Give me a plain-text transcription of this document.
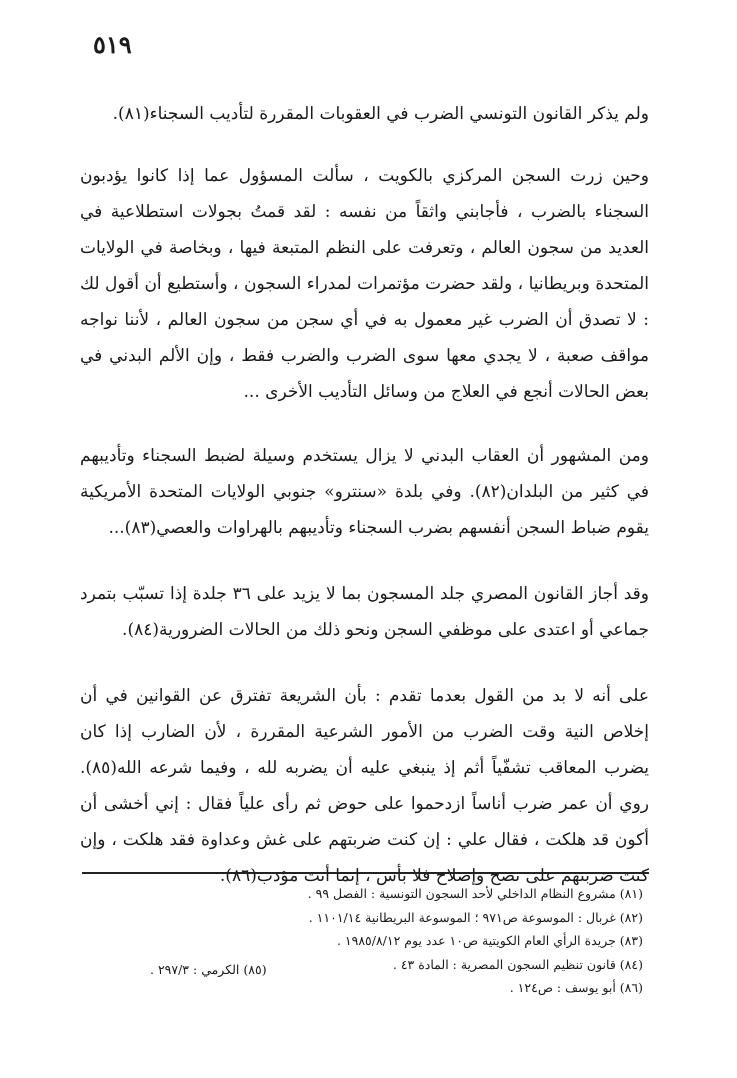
٥١٩

ولم يذكر القانون التونسي الضرب في العقوبات المقررة لتأديب السجناء(٨١).

وحين زرت السجن المركزي بالكويت ، سألت المسؤول عما إذا كانوا يؤدبون السجناء بالضرب ، فأجابني واثقاً من نفسه : لقد قمتُ بجولات استطلاعية في العديد من سجون العالم ، وتعرفت على النظم المتبعة فيها ، وبخاصة في الولايات المتحدة وبريطانيا ، ولقد حضرت مؤتمرات لمدراء السجون ، وأستطيع أن أقول لك : لا تصدق أن الضرب غير معمول به في أي سجن من سجون العالم ، لأننا نواجه مواقف صعبة ، لا يجدي معها سوى الضرب والضرب فقط ، وإن الألم البدني في بعض الحالات أنجع في العلاج من وسائل التأديب الأخرى ...

ومن المشهور أن العقاب البدني لا يزال يستخدم وسيلة لضبط السجناء وتأديبهم في كثير من البلدان(٨٢). وفي بلدة «سنترو» جنوبي الولايات المتحدة الأمريكية يقوم ضباط السجن أنفسهم بضرب السجناء وتأديبهم بالهراوات والعصي(٨٣)...

وقد أجاز القانون المصري جلد المسجون بما لا يزيد على ٣٦ جلدة إذا تسبّب بتمرد جماعي أو اعتدى على موظفي السجن ونحو ذلك من الحالات الضرورية(٨٤).

على أنه لا بد من القول بعدما تقدم : بأن الشريعة تفترق عن القوانين في أن إخلاص النية وقت الضرب من الأمور الشرعية المقررة ، لأن الضارب إذا كان يضرب المعاقب تشفّياً أثم إذ ينبغي عليه أن يضربه لله ، وفيما شرعه الله(٨٥). روي أن عمر ضرب أناساً ازدحموا على حوض ثم رأى علياً فقال : إني أخشى أن أكون قد هلكت ، فقال علي : إن كنت ضربتهم على غش وعداوة فقد هلكت ، وإن كنت ضربتهم على نصح وإصلاح فلا بأس ، إنما أنت مؤدب(٨٦).

(٨١) مشروع النظام الداخلي لأحد السجون التونسية : الفصل ٩٩ .
(٨٢) غربال : الموسوعة ص٩٧١ ؛ الموسوعة البريطانية ١١٠١/١٤ .
(٨٣) جريدة الرأي العام الكويتية ص١٠ عدد يوم ١٩٨٥/٨/١٢ .
(٨٤) قانون تنظيم السجون المصرية : المادة ٤٣ .
(٨٦) أبو يوسف : ص١٢٤ .
(٨٥) الكرمي : ٢٩٧/٣ .
